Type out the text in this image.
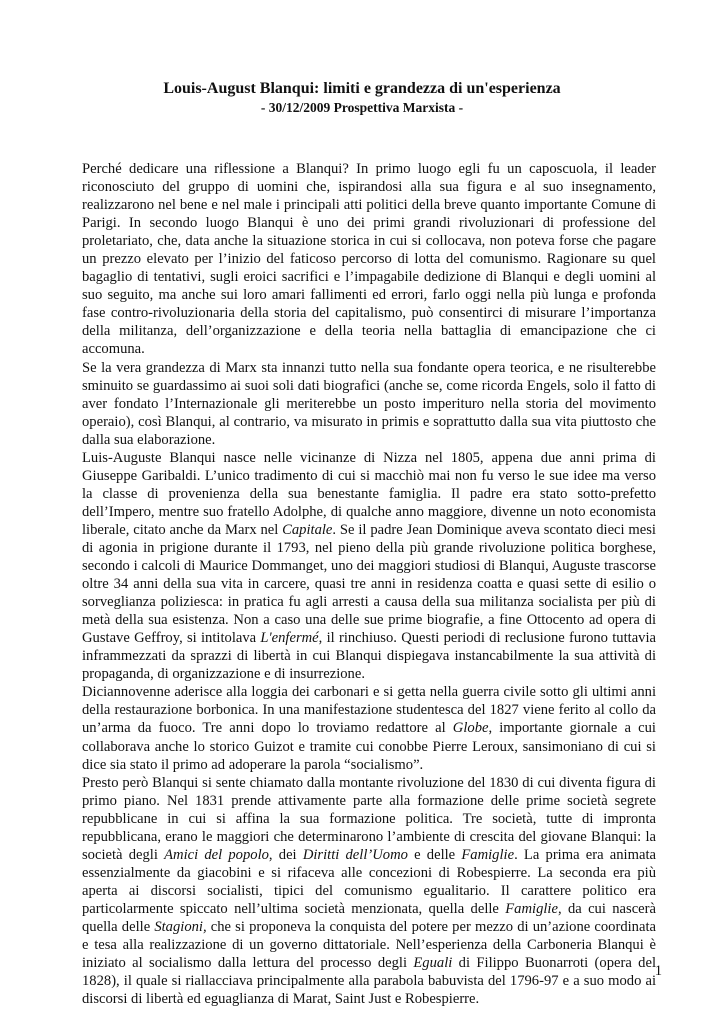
Louis-August Blanqui: limiti e grandezza di un'esperienza
- 30/12/2009 Prospettiva Marxista -

Perché dedicare una riflessione a Blanqui? In primo luogo egli fu un caposcuola, il leader riconosciuto del gruppo di uomini che, ispirandosi alla sua figura e al suo insegnamento, realizzarono nel bene e nel male i principali atti politici della breve quanto importante Comune di Parigi. In secondo luogo Blanqui è uno dei primi grandi rivoluzionari di professione del proletariato, che, data anche la situazione storica in cui si collocava, non poteva forse che pagare un prezzo elevato per l’inizio del faticoso percorso di lotta del comunismo. Ragionare su quel bagaglio di tentativi, sugli eroici sacrifici e l’impagabile dedizione di Blanqui e degli uomini al suo seguito, ma anche sui loro amari fallimenti ed errori, farlo oggi nella più lunga e profonda fase contro-rivoluzionaria della storia del capitalismo, può consentirci di misurare l’importanza della militanza, dell’organizzazione e della teoria nella battaglia di emancipazione che ci accomuna.

Se la vera grandezza di Marx sta innanzi tutto nella sua fondante opera teorica, e ne risulterebbe sminuito se guardassimo ai suoi soli dati biografici (anche se, come ricorda Engels, solo il fatto di aver fondato l’Internazionale gli meriterebbe un posto imperituro nella storia del movimento operaio), così Blanqui, al contrario, va misurato in primis e soprattutto dalla sua vita piuttosto che dalla sua elaborazione.

Luis-Auguste Blanqui nasce nelle vicinanze di Nizza nel 1805, appena due anni prima di Giuseppe Garibaldi. L’unico tradimento di cui si macchiò mai non fu verso le sue idee ma verso la classe di provenienza della sua benestante famiglia. Il padre era stato sotto-prefetto dell’Impero, mentre suo fratello Adolphe, di qualche anno maggiore, divenne un noto economista liberale, citato anche da Marx nel Capitale. Se il padre Jean Dominique aveva scontato dieci mesi di agonia in prigione durante il 1793, nel pieno della più grande rivoluzione politica borghese, secondo i calcoli di Maurice Dommanget, uno dei maggiori studiosi di Blanqui, Auguste trascorse oltre 34 anni della sua vita in carcere, quasi tre anni in residenza coatta e quasi sette di esilio o sorveglianza poliziesca: in pratica fu agli arresti a causa della sua militanza socialista per più di metà della sua esistenza. Non a caso una delle sue prime biografie, a fine Ottocento ad opera di Gustave Geffroy, si intitolava L'enfermé, il rinchiuso. Questi periodi di reclusione furono tuttavia inframmezzati da sprazzi di libertà in cui Blanqui dispiegava instancabilmente la sua attività di propaganda, di organizzazione e di insurrezione.

Diciannovenne aderisce alla loggia dei carbonari e si getta nella guerra civile sotto gli ultimi anni della restaurazione borbonica. In una manifestazione studentesca del 1827 viene ferito al collo da un’arma da fuoco. Tre anni dopo lo troviamo redattore al Globe, importante giornale a cui collaborava anche lo storico Guizot e tramite cui conobbe Pierre Leroux, sansimoniano di cui si dice sia stato il primo ad adoperare la parola “socialismo”.

Presto però Blanqui si sente chiamato dalla montante rivoluzione del 1830 di cui diventa figura di primo piano. Nel 1831 prende attivamente parte alla formazione delle prime società segrete repubblicane in cui si affina la sua formazione politica. Tre società, tutte di impronta repubblicana, erano le maggiori che determinarono l’ambiente di crescita del giovane Blanqui: la società degli Amici del popolo, dei Diritti dell’Uomo e delle Famiglie. La prima era animata essenzialmente da giacobini e si rifaceva alle concezioni di Robespierre. La seconda era più aperta ai discorsi socialisti, tipici del comunismo egualitario. Il carattere politico era particolarmente spiccato nell’ultima società menzionata, quella delle Famiglie, da cui nascerà quella delle Stagioni, che si proponeva la conquista del potere per mezzo di un’azione coordinata e tesa alla realizzazione di un governo dittatoriale. Nell’esperienza della Carboneria Blanqui è iniziato al socialismo dalla lettura del processo degli Eguali di Filippo Buonarroti (opera del 1828), il quale si riallacciava principalmente alla parabola babuvista del 1796-97 e a suo modo ai discorsi di libertà ed eguaglianza di Marat, Saint Just e Robespierre.

1
